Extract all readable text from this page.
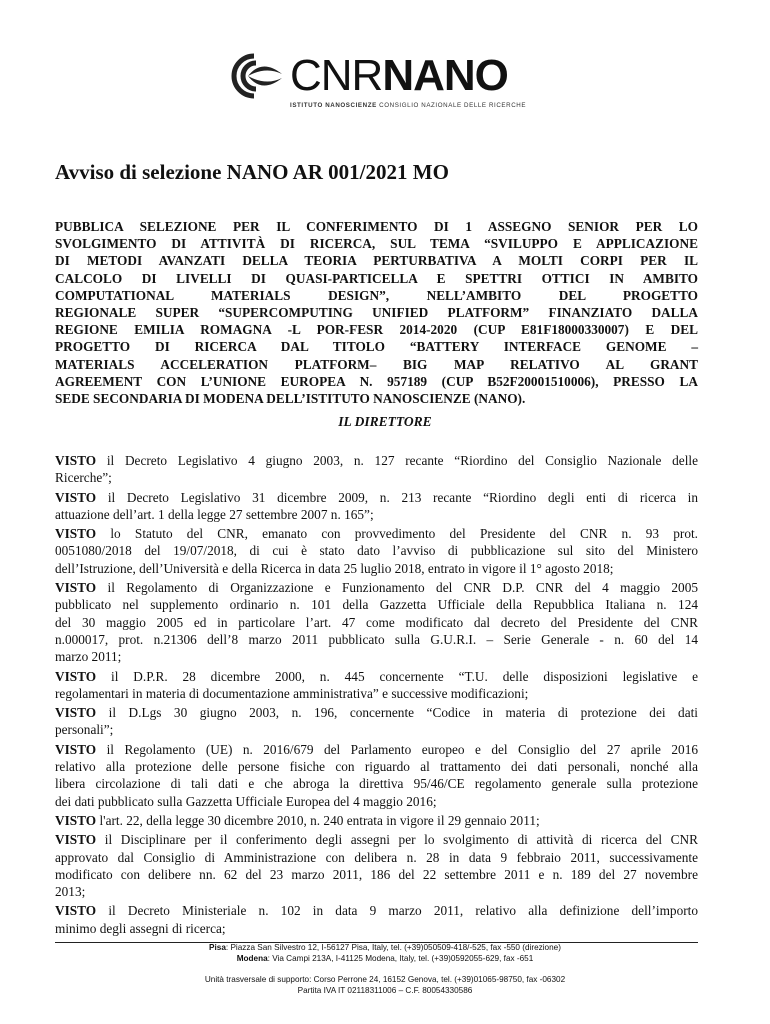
CNRNANO
ISTITUTO NANOSCIENZE CONSIGLIO NAZIONALE DELLE RICERCHE
Avviso di selezione NANO AR 001/2021 MO
PUBBLICA SELEZIONE PER IL CONFERIMENTO DI 1 ASSEGNO SENIOR PER LO
SVOLGIMENTO DI ATTIVITÀ DI RICERCA, SUL TEMA “SVILUPPO E APPLICAZIONE
DI METODI AVANZATI DELLA TEORIA PERTURBATIVA A MOLTI CORPI PER IL
CALCOLO DI LIVELLI DI QUASI-PARTICELLA E SPETTRI OTTICI IN AMBITO
COMPUTATIONAL MATERIALS DESIGN”, NELL’AMBITO DEL PROGETTO
REGIONALE SUPER “SUPERCOMPUTING UNIFIED PLATFORM” FINANZIATO DALLA
REGIONE EMILIA ROMAGNA -L POR-FESR 2014-2020 (CUP E81F18000330007) E DEL
PROGETTO DI RICERCA DAL TITOLO “BATTERY INTERFACE GENOME –
MATERIALS ACCELERATION PLATFORM– BIG MAP RELATIVO AL GRANT
AGREEMENT CON L’UNIONE EUROPEA N. 957189 (CUP B52F20001510006), PRESSO LA
SEDE SECONDARIA DI MODENA DELL’ISTITUTO NANOSCIENZE (NANO).
IL DIRETTORE
VISTO il Decreto Legislativo 4 giugno 2003, n. 127 recante “Riordino del Consiglio Nazionale delle
Ricerche”;
VISTO il Decreto Legislativo 31 dicembre 2009, n. 213 recante “Riordino degli enti di ricerca in
attuazione dell’art. 1 della legge 27 settembre 2007 n. 165”;
VISTO lo Statuto del CNR, emanato con provvedimento del Presidente del CNR n. 93 prot.
0051080/2018 del 19/07/2018, di cui è stato dato l’avviso di pubblicazione sul sito del Ministero
dell’Istruzione, dell’Università e della Ricerca in data 25 luglio 2018, entrato in vigore il 1° agosto 2018;
VISTO il Regolamento di Organizzazione e Funzionamento del CNR D.P. CNR del 4 maggio 2005
pubblicato nel supplemento ordinario n. 101 della Gazzetta Ufficiale della Repubblica Italiana n. 124
del 30 maggio 2005 ed in particolare l’art. 47 come modificato dal decreto del Presidente del CNR
n.000017, prot. n.21306 dell’8 marzo 2011 pubblicato sulla G.U.R.I. – Serie Generale - n. 60 del 14
marzo 2011;
VISTO il D.P.R. 28 dicembre 2000, n. 445 concernente “T.U. delle disposizioni legislative e
regolamentari in materia di documentazione amministrativa” e successive modificazioni;
VISTO il D.Lgs 30 giugno 2003, n. 196, concernente “Codice in materia di protezione dei dati
personali”;
VISTO il Regolamento (UE) n. 2016/679 del Parlamento europeo e del Consiglio del 27 aprile 2016
relativo alla protezione delle persone fisiche con riguardo al trattamento dei dati personali, nonché alla
libera circolazione di tali dati e che abroga la direttiva 95/46/CE regolamento generale sulla protezione
dei dati pubblicato sulla Gazzetta Ufficiale Europea del 4 maggio 2016;
VISTO l'art. 22, della legge 30 dicembre 2010, n. 240 entrata in vigore il 29 gennaio 2011;
VISTO il Disciplinare per il conferimento degli assegni per lo svolgimento di attività di ricerca del CNR
approvato dal Consiglio di Amministrazione con delibera n. 28 in data 9 febbraio 2011, successivamente
modificato con delibere nn. 62 del 23 marzo 2011, 186 del 22 settembre 2011 e n. 189 del 27 novembre
2013;
VISTO il Decreto Ministeriale n. 102 in data 9 marzo 2011, relativo alla definizione dell’importo
minimo degli assegni di ricerca;
Pisa: Piazza San Silvestro 12, I-56127 Pisa, Italy, tel. (+39)050509-418/-525, fax -550 (direzione)
Modena: Via Campi 213A, I-41125 Modena, Italy, tel. (+39)0592055-629, fax -651
Unità trasversale di supporto: Corso Perrone 24, 16152 Genova, tel. (+39)01065-98750, fax -06302
Partita IVA IT 02118311006 – C.F. 80054330586
